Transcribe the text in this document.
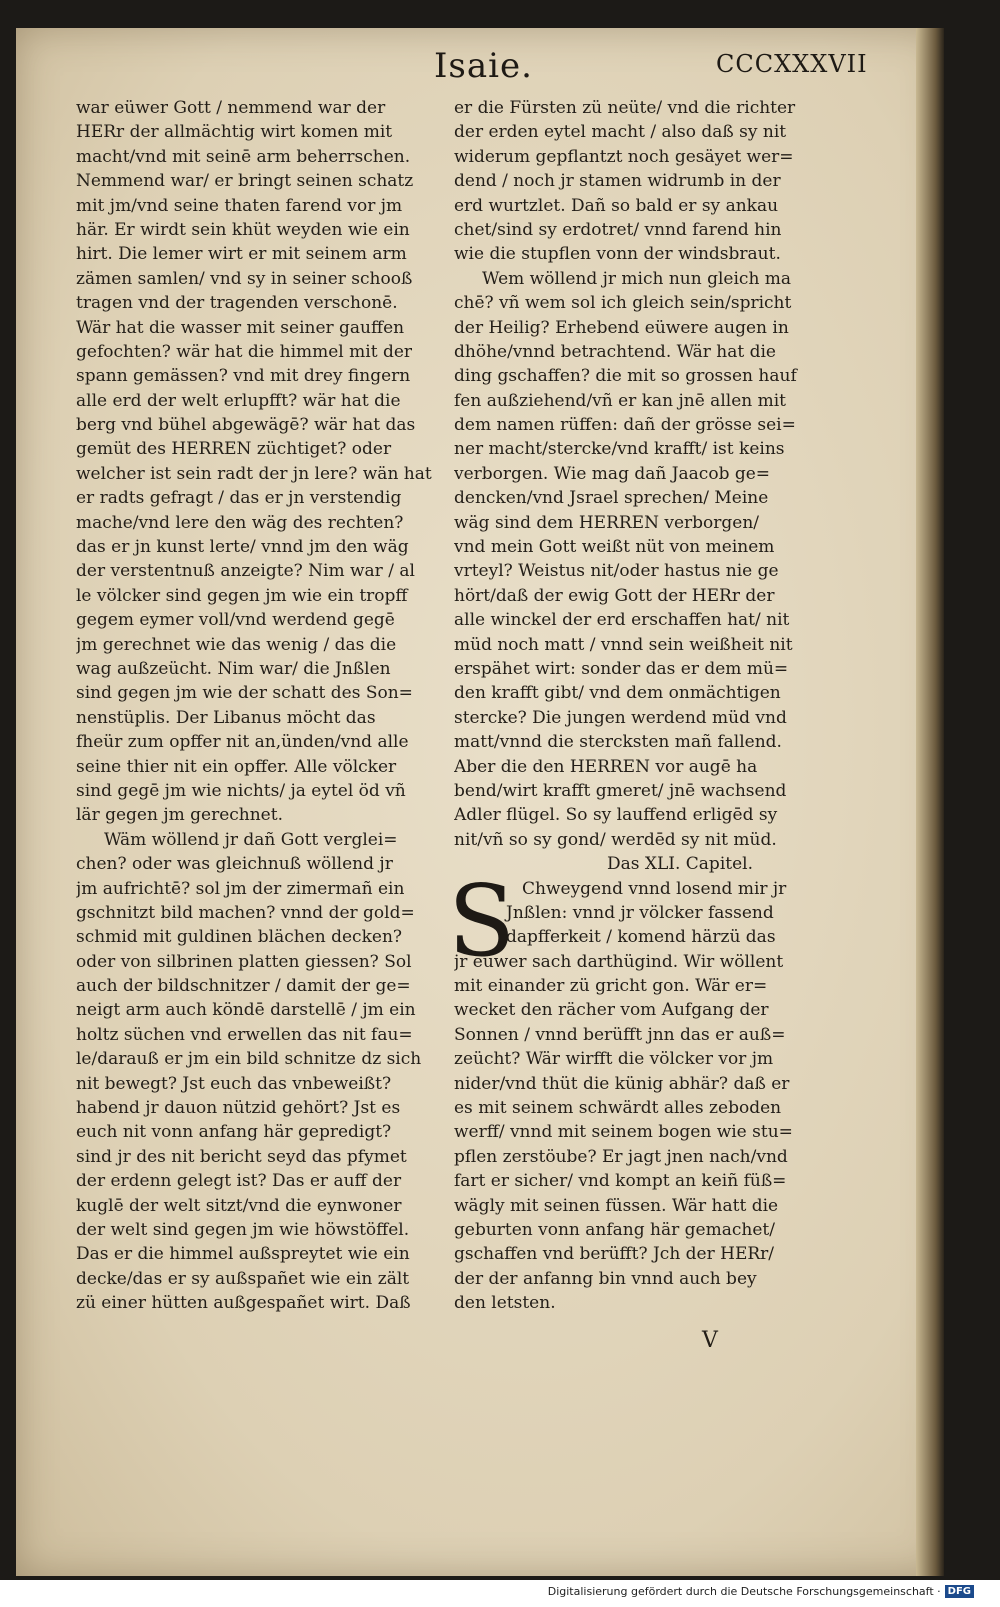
Isaie.	CCCXXXVII
war eüwer Gott / nemmend war der
HERr der allmächtig wirt komen mit
macht/vnd mit seinē arm beherrschen.
Nemmend war/ er bringt seinen schatz
mit jm/vnd seine thaten farend vor jm
här. Er wirdt sein khüt weyden wie ein
hirt. Die lemer wirt er mit seinem arm
zämen samlen/ vnd sy in seiner schooß
tragen vnd der tragenden verschonē.
Wär hat die wasser mit seiner gauffen
gefochten? wär hat die himmel mit der
spann gemässen? vnd mit drey fingern
alle erd der welt erlupfft? wär hat die
berg vnd bühel abgewägē? wär hat das
gemüt des HERREN züchtiget? oder
welcher ist sein radt der jn lere? wän hat
er radts gefragt / das er jn verstendig
mache/vnd lere den wäg des rechten?
das er jn kunst lerte/ vnnd jm den wäg
der verstentnuß anzeigte? Nim war / al
le völcker sind gegen jm wie ein tropff
gegem eymer voll/vnd werdend gegē
jm gerechnet wie das wenig / das die
wag außzeücht. Nim war/ die Jnßlen
sind gegen jm wie der schatt des Son=
nenstüplis. Der Libanus möcht das
fheür zum opffer nit an,ünden/vnd alle
seine thier nit ein opffer. Alle völcker
sind gegē jm wie nichts/ ja eytel öd vñ
lär gegen jm gerechnet.
Wäm wöllend jr dañ Gott verglei=
chen? oder was gleichnuß wöllend jr
jm aufrichtē? sol jm der zimermañ ein
gschnitzt bild machen? vnnd der gold=
schmid mit guldinen blächen decken?
oder von silbrinen platten giessen? Sol
auch der bildschnitzer / damit der ge=
neigt arm auch köndē darstellē / jm ein
holtz süchen vnd erwellen das nit fau=
le/darauß er jm ein bild schnitze dz sich
nit bewegt? Jst euch das vnbeweißt?
habend jr dauon nützid gehört? Jst es
euch nit vonn anfang här gepredigt?
sind jr des nit bericht seyd das pfymet
der erdenn gelegt ist? Das er auff der
kuglē der welt sitzt/vnd die eynwoner
der welt sind gegen jm wie höwstöffel.
Das er die himmel außspreytet wie ein
decke/das er sy außspañet wie ein zält
zü einer hütten außgespañet wirt. Daß
er die Fürsten zü neüte/ vnd die richter
der erden eytel macht / also daß sy nit
widerum gepflantzt noch gesäyet wer=
dend / noch jr stamen widrumb in der
erd wurtzlet. Dañ so bald er sy ankau
chet/sind sy erdotret/ vnnd farend hin
wie die stupflen vonn der windsbraut.
Wem wöllend jr mich nun gleich ma
chē? vñ wem sol ich gleich sein/spricht
der Heilig? Erhebend eüwere augen in
dhöhe/vnnd betrachtend. Wär hat die
ding gschaffen? die mit so grossen hauf
fen außziehend/vñ er kan jnē allen mit
dem namen rüffen: dañ der grösse sei=
ner macht/stercke/vnd krafft/ ist keins
verborgen. Wie mag dañ Jaacob ge=
dencken/vnd Jsrael sprechen/ Meine
wäg sind dem HERREN verborgen/
vnd mein Gott weißt nüt von meinem
vrteyl? Weistus nit/oder hastus nie ge
hört/daß der ewig Gott der HERr der
alle winckel der erd erschaffen hat/ nit
müd noch matt / vnnd sein weißheit nit
erspähet wirt: sonder das er dem mü=
den krafft gibt/ vnd dem onmächtigen
stercke? Die jungen werdend müd vnd
matt/vnnd die stercksten mañ fallend.
Aber die den HERREN vor augē ha
bend/wirt krafft gmeret/ jnē wachsend
Adler flügel. So sy lauffend erligēd sy
nit/vñ so sy gond/ werdēd sy nit müd.
Das XLI. Capitel.
S Chweygend vnnd losend mir jr
Jnßlen: vnnd jr völcker fassend
dapfferkeit / komend härzü das
jr eüwer sach darthügind. Wir wöllent
mit einander zü gricht gon. Wär er=
wecket den rächer vom Aufgang der
Sonnen / vnnd berüfft jnn das er auß=
zeücht? Wär wirfft die völcker vor jm
nider/vnd thüt die künig abhär? daß er
es mit seinem schwärdt alles zeboden
werff/ vnnd mit seinem bogen wie stu=
pflen zerstöube? Er jagt jnen nach/vnd
fart er sicher/ vnd kompt an keiñ füß=
wägly mit seinen füssen. Wär hatt die
geburten vonn anfang här gemachet/
gschaffen vnd berüfft? Jch der HERr/
der der anfanng bin vnnd auch bey
den letsten.
V
Digitalisierung gefördert durch die Deutsche Forschungsgemeinschaft · DFG
